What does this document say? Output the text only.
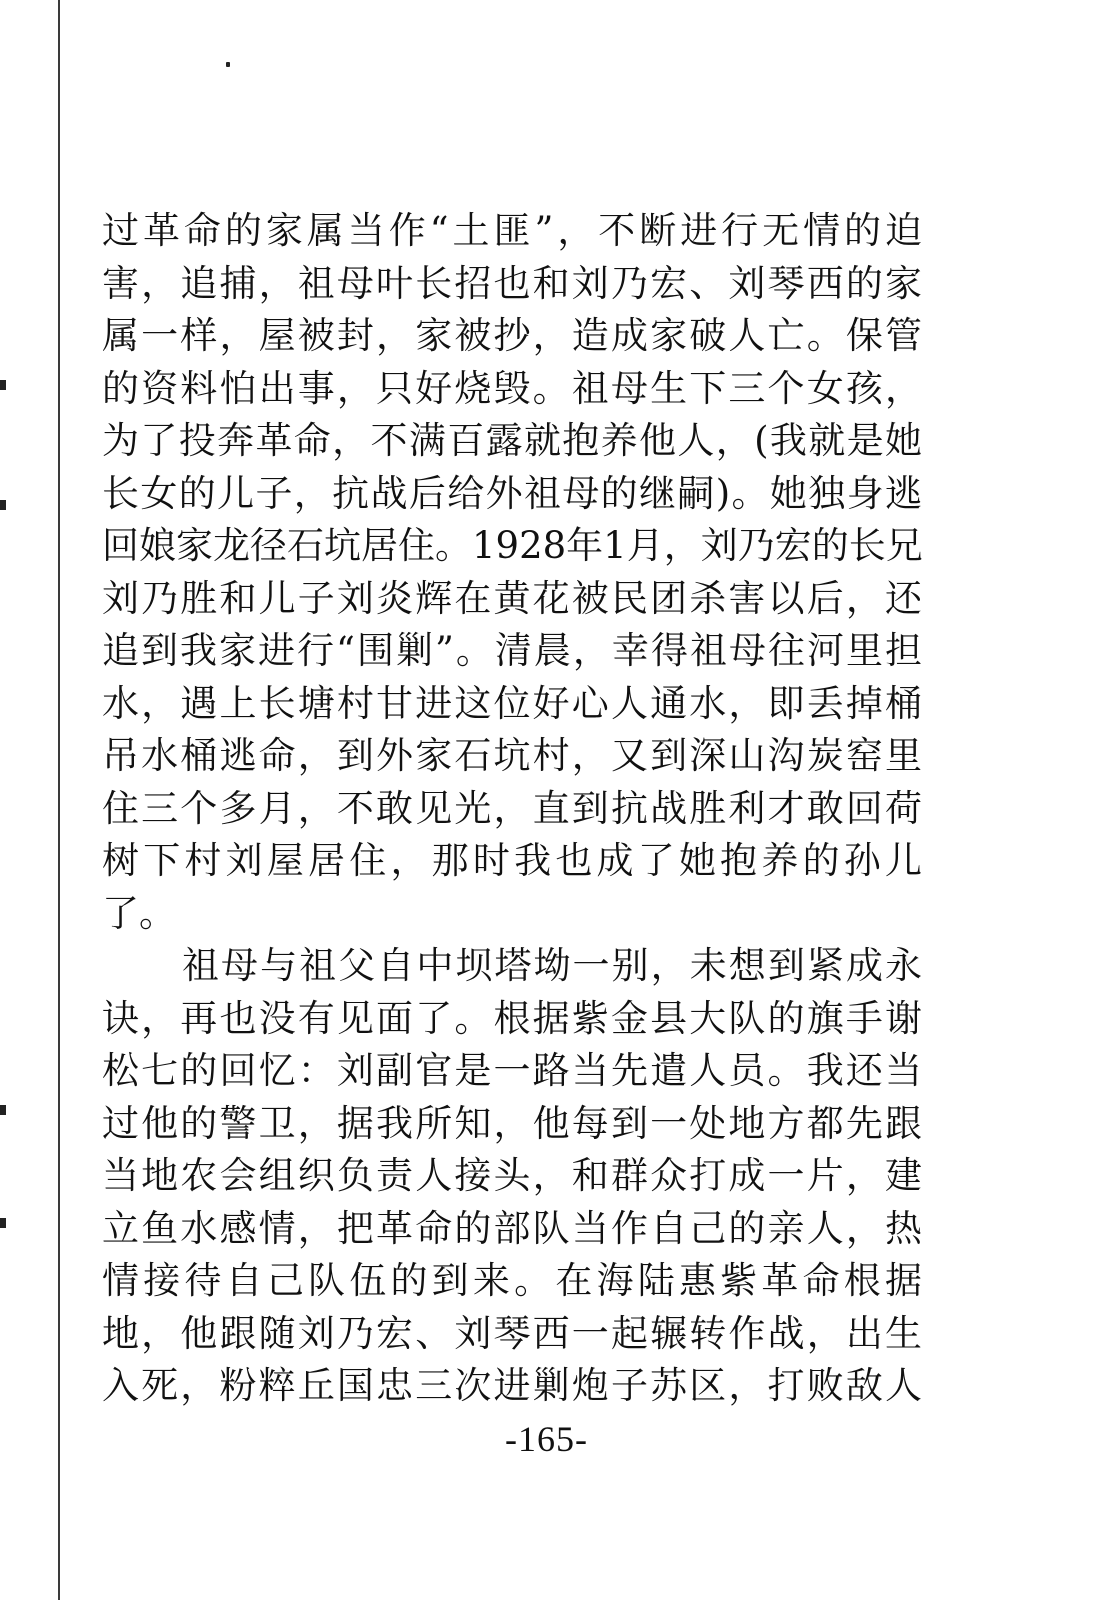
过革命的家属当作“土匪”，不断进行无情的迫
害，追捕，祖母叶长招也和刘乃宏、刘琴西的家
属一样，屋被封，家被抄，造成家破人亡。保管
的资料怕出事，只好烧毁。祖母生下三个女孩，
为了投奔革命，不满百露就抱养他人，(我就是她
长女的儿子，抗战后给外祖母的继嗣)。她独身逃
回娘家龙径石坑居住。1928年1月，刘乃宏的长兄
刘乃胜和儿子刘炎辉在黄花被民团杀害以后，还
追到我家进行“围剿”。清晨，幸得祖母往河里担
水，遇上长塘村甘进这位好心人通水，即丢掉桶
吊水桶逃命，到外家石坑村，又到深山沟炭窑里
住三个多月，不敢见光，直到抗战胜利才敢回荷
树下村刘屋居住，那时我也成了她抱养的孙儿
了。
祖母与祖父自中坝塔坳一别，未想到紧成永
诀，再也没有见面了。根据紫金县大队的旗手谢
松七的回忆：刘副官是一路当先遣人员。我还当
过他的警卫，据我所知，他每到一处地方都先跟
当地农会组织负责人接头，和群众打成一片，建
立鱼水感情，把革命的部队当作自己的亲人，热
情接待自己队伍的到来。在海陆惠紫革命根据
地，他跟随刘乃宏、刘琴西一起辗转作战，出生
入死，粉粹丘国忠三次进剿炮子苏区，打败敌人
-165-
